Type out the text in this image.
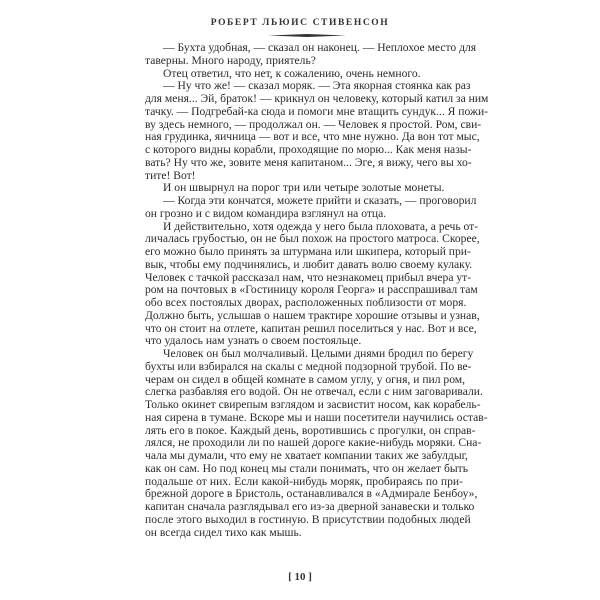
РОБЕРТ ЛЬЮИС СТИВЕНСОН
— Бухта удобная, — сказал он наконец. — Неплохое место для
таверны. Много народу, приятель?
Отец ответил, что нет, к сожалению, очень немного.
— Ну что же! — сказал моряк. — Эта якорная стоянка как раз
для меня... Эй, браток! — крикнул он человеку, который катил за ним
тачку. — Подгребай-ка сюда и помоги мне втащить сундук... Я пожи-
ву здесь немного, — продолжал он. — Человек я простой. Ром, сви-
ная грудинка, яичница — вот и все, что мне нужно. Да вон тот мыс,
с которого видны корабли, проходящие по морю... Как меня назы-
вать? Ну что же, зовите меня капитаном... Эге, я вижу, чего вы хо-
тите! Вот!
И он швырнул на порог три или четыре золотые монеты.
— Когда эти кончатся, можете прийти и сказать, — проговорил
он грозно и с видом командира взглянул на отца.
И действительно, хотя одежда у него была плоховата, а речь от-
личалась грубостью, он не был похож на простого матроса. Скорее,
его можно было принять за штурмана или шкипера, который при-
вык, чтобы ему подчинялись, и любит давать волю своему кулаку.
Человек с тачкой рассказал нам, что незнакомец прибыл вчера ут-
ром на почтовых в «Гостиницу короля Георга» и расспрашивал там
обо всех постоялых дворах, расположенных поблизости от моря.
Должно быть, услышав о нашем трактире хорошие отзывы и узнав,
что он стоит на отлете, капитан решил поселиться у нас. Вот и все,
что удалось нам узнать о своем постояльце.
Человек он был молчаливый. Целыми днями бродил по берегу
бухты или взбирался на скалы с медной подзорной трубой. По ве-
черам он сидел в общей комнате в самом углу, у огня, и пил ром,
слегка разбавляя его водой. Он не отвечал, если с ним заговаривали.
Только окинет свирепым взглядом и засвистит носом, как корабель-
ная сирена в тумане. Вскоре мы и наши посетители научились остав-
лять его в покое. Каждый день, воротившись с прогулки, он справ-
лялся, не проходили ли по нашей дороге какие-нибудь моряки. Сна-
чала мы думали, что ему не хватает компании таких же забулдыг,
как он сам. Но под конец мы стали понимать, что он желает быть
подальше от них. Если какой-нибудь моряк, пробираясь по при-
брежной дороге в Бристоль, останавливался в «Адмирале Бенбоу»,
капитан сначала разглядывал его из-за дверной занавески и только
после этого выходил в гостиную. В присутствии подобных людей
он всегда сидел тихо как мышь.
[ 10 ]
